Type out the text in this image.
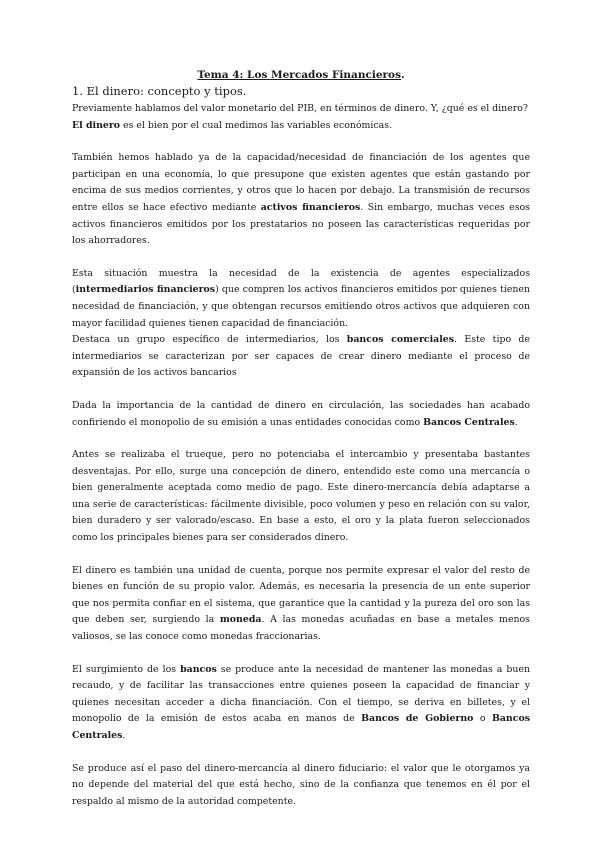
Tema 4: Los Mercados Financieros.
1. El dinero: concepto y tipos.

Previamente hablamos del valor monetario del PIB, en términos de dinero. Y, ¿qué es el dinero?
El dinero es el bien por el cual medimos las variables económicas.

También hemos hablado ya de la capacidad/necesidad de financiación de los agentes que participan en una economía, lo que presupone que existen agentes que están gastando por encima de sus medios corrientes, y otros que lo hacen por debajo. La transmisión de recursos entre ellos se hace efectivo mediante activos financieros. Sin embargo, muchas veces esos activos financieros emitidos por los prestatarios no poseen las características requeridas por los ahorradores.

Esta situación muestra la necesidad de la existencia de agentes especializados (intermediarios financieros) que compren los activos financieros emitidos por quienes tienen necesidad de financiación, y que obtengan recursos emitiendo otros activos que adquieren con mayor facilidad quienes tienen capacidad de financiación.

Destaca un grupo específico de intermediarios, los bancos comerciales. Este tipo de intermediarios se caracterizan por ser capaces de crear dinero mediante el proceso de expansión de los activos bancarios

Dada la importancia de la cantidad de dinero en circulación, las sociedades han acabado confiriendo el monopolio de su emisión a unas entidades conocidas como Bancos Centrales.

Antes se realizaba el trueque, pero no potenciaba el intercambio y presentaba bastantes desventajas. Por ello, surge una concepción de dinero, entendido este como una mercancía o bien generalmente aceptada como medio de pago. Este dinero-mercancía debía adaptarse a una serie de características: fácilmente divisible, poco volumen y peso en relación con su valor, bien duradero y ser valorado/escaso. En base a esto, el oro y la plata fueron seleccionados como los principales bienes para ser considerados dinero.

El dinero es también una unidad de cuenta, porque nos permite expresar el valor del resto de bienes en función de su propio valor. Además, es necesaria la presencia de un ente superior que nos permita confiar en el sistema, que garantice que la cantidad y la pureza del oro son las que deben ser, surgiendo la moneda. A las monedas acuñadas en base a metales menos valiosos, se las conoce como monedas fraccionarias.

El surgimiento de los bancos se produce ante la necesidad de mantener las monedas a buen recaudo, y de facilitar las transacciones entre quienes poseen la capacidad de financiar y quienes necesitan acceder a dicha financiación. Con el tiempo, se deriva en billetes, y el monopolio de la emisión de estos acaba en manos de Bancos de Gobierno o Bancos Centrales.

Se produce así el paso del dinero-mercancía al dinero fiduciario: el valor que le otorgamos ya no depende del material del que está hecho, sino de la confianza que tenemos en él por el respaldo al mismo de la autoridad competente.
